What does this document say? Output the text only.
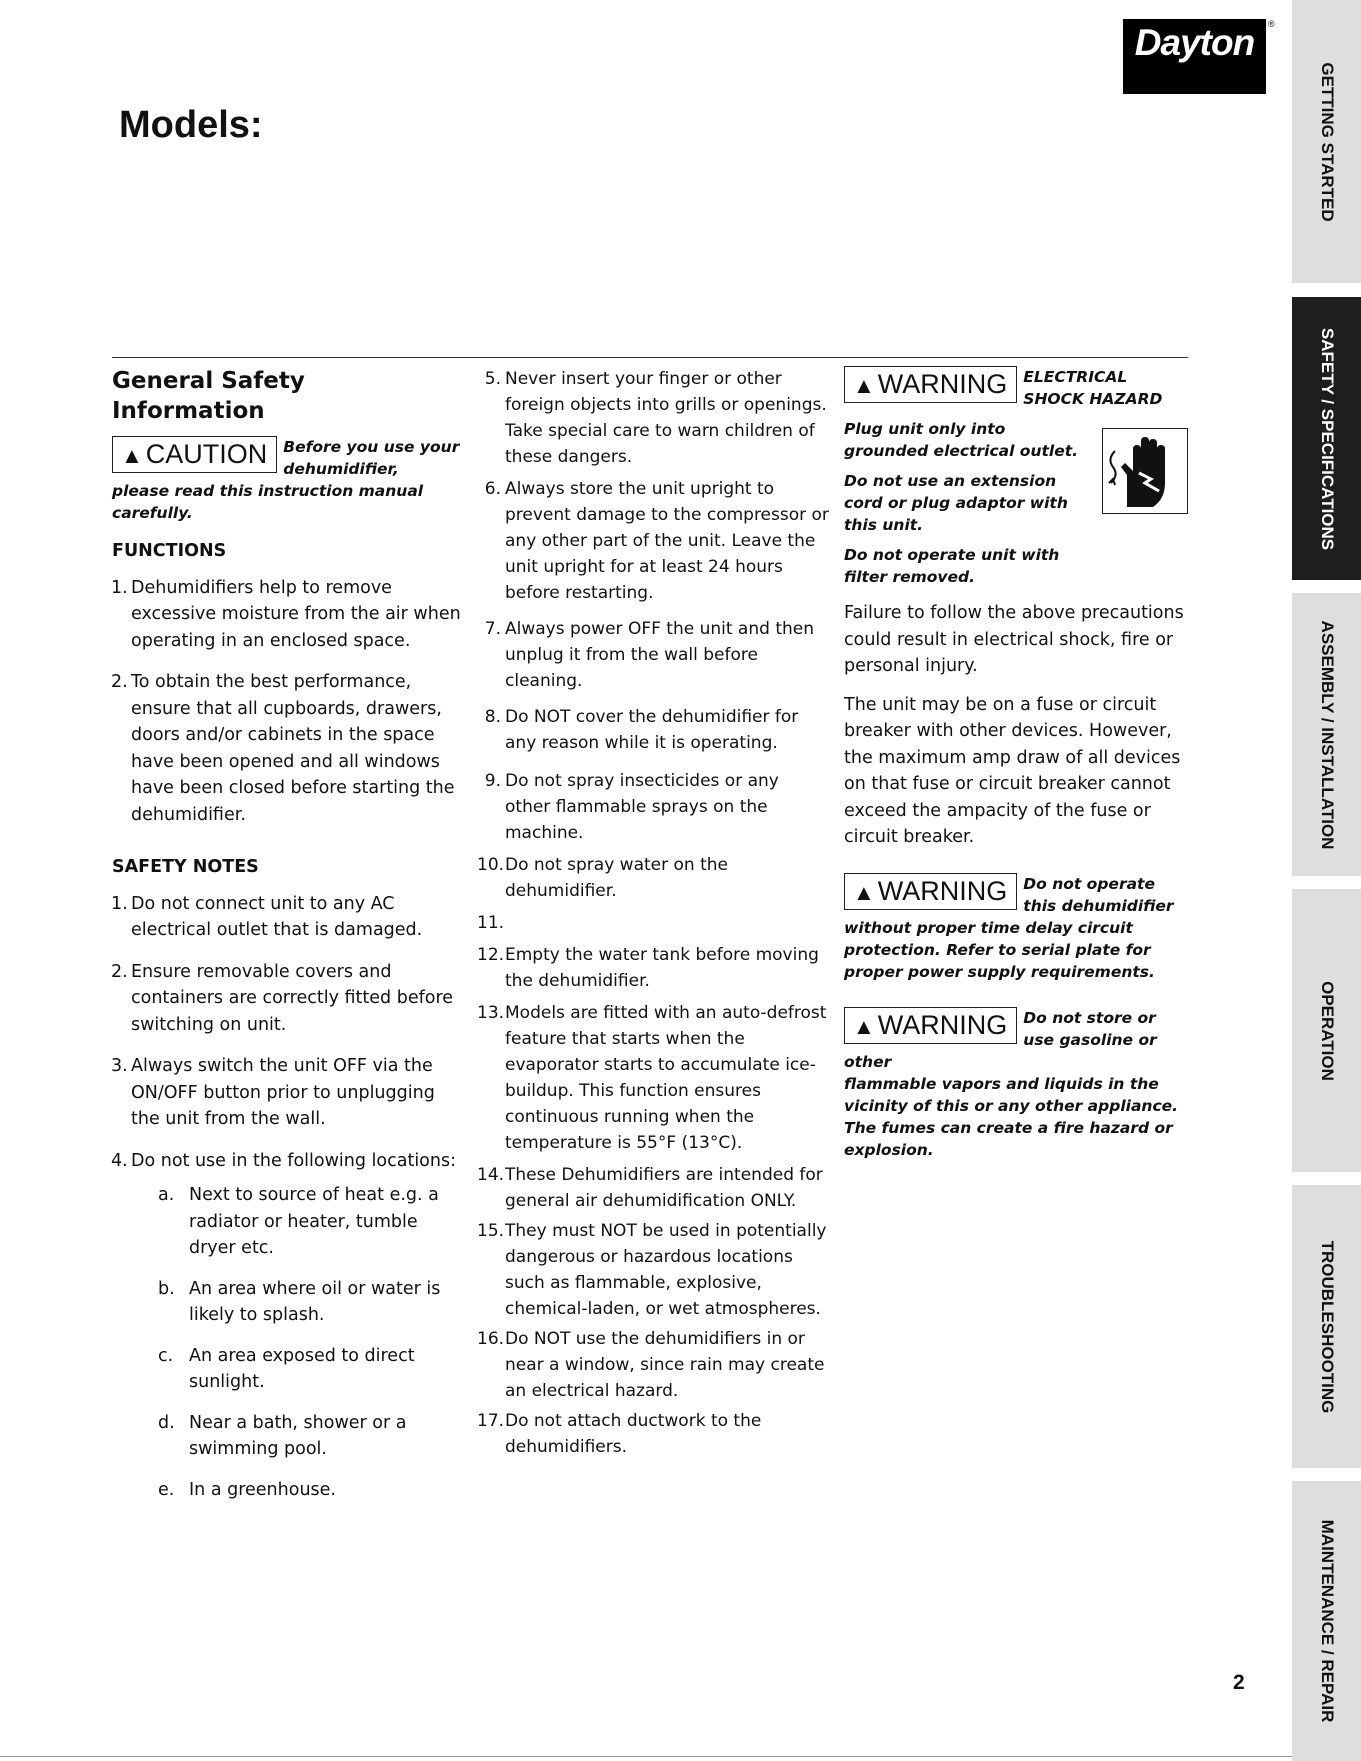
Dayton	®
Models:	GETTING STARTED
SAFETY / SPECIFICATIONS
ASSEMBLY / INSTALLATION
OPERATION
TROUBLESHOOTING
MAINTENANCE / REPAIR
General Safety Information
▲ CAUTION	Before you use your dehumidifier,
please read this instruction manual carefully.
FUNCTIONS
1. Dehumidifiers help to remove excessive moisture from the air when operating in an enclosed space.
2. To obtain the best performance, ensure that all cupboards, drawers, doors and/or cabinets in the space have been opened and all windows have been closed before starting the dehumidifier.
SAFETY NOTES
1. Do not connect unit to any AC electrical outlet that is damaged.
2. Ensure removable covers and containers are correctly fitted before switching on unit.
3. Always switch the unit OFF via the ON/OFF button prior to unplugging the unit from the wall.
4. Do not use in the following locations:
a. Next to source of heat e.g. a radiator or heater, tumble dryer etc.
b. An area where oil or water is likely to splash.
c. An area exposed to direct sunlight.
d. Near a bath, shower or a swimming pool.
e. In a greenhouse.
5. Never insert your finger or other foreign objects into grills or openings. Take special care to warn children of these dangers.
6. Always store the unit upright to prevent damage to the compressor or any other part of the unit. Leave the unit upright for at least 24 hours before restarting.
7. Always power OFF the unit and then unplug it from the wall before cleaning.
8. Do NOT cover the dehumidifier for any reason while it is operating.
9. Do not spray insecticides or any other flammable sprays on the machine.
10. Do not spray water on the dehumidifier.
11.
12. Empty the water tank before moving the dehumidifier.
13. Models are fitted with an auto-defrost feature that starts when the evaporator starts to accumulate ice-buildup. This function ensures continuous running when the temperature is 55°F (13°C).
14. These Dehumidifiers are intended for general air dehumidification ONLY.
15. They must NOT be used in potentially dangerous or hazardous locations such as flammable, explosive, chemical-laden, or wet atmospheres.
16. Do NOT use the dehumidifiers in or near a window, since rain may create an electrical hazard.
17. Do not attach ductwork to the dehumidifiers.
▲ WARNING	ELECTRICAL SHOCK HAZARD

Plug unit only into grounded electrical outlet.

Do not use an extension cord or plug adaptor with this unit.

Do not operate unit with filter removed.

Failure to follow the above precautions could result in electrical shock, fire or personal injury.

The unit may be on a fuse or circuit breaker with other devices. However, the maximum amp draw of all devices on that fuse or circuit breaker cannot exceed the ampacity of the fuse or circuit breaker.

▲ WARNING	Do not operate this dehumidifier
without proper time delay circuit protection. Refer to serial plate for proper power supply requirements.
▲ WARNING	Do not store or use gasoline or other
flammable vapors and liquids in the vicinity of this or any other appliance. The fumes can create a fire hazard or explosion.
2
